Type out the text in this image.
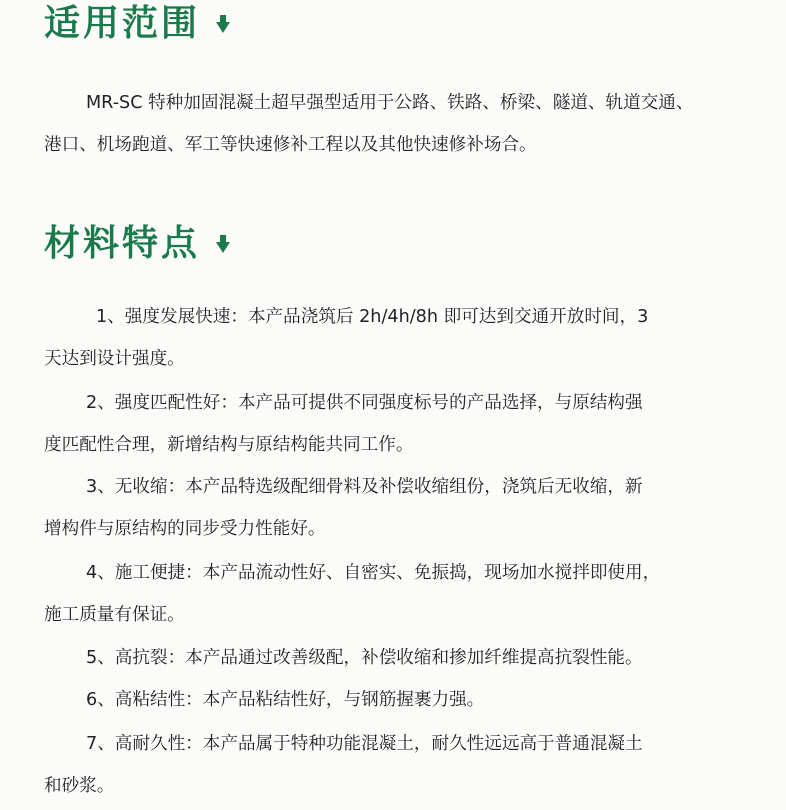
适用范围
MR-SC 特种加固混凝土超早强型适用于公路、铁路、桥梁、隧道、轨道交通、
港口、机场跑道、军工等快速修补工程以及其他快速修补场合。
材料特点
1、强度发展快速：本产品浇筑后 2h/4h/8h 即可达到交通开放时间，3
天达到设计强度。
2、强度匹配性好：本产品可提供不同强度标号的产品选择，与原结构强
度匹配性合理，新增结构与原结构能共同工作。
3、无收缩：本产品特选级配细骨料及补偿收缩组份，浇筑后无收缩，新
增构件与原结构的同步受力性能好。
4、施工便捷：本产品流动性好、自密实、免振捣，现场加水搅拌即使用，
施工质量有保证。
5、高抗裂：本产品通过改善级配，补偿收缩和掺加纤维提高抗裂性能。
6、高粘结性：本产品粘结性好，与钢筋握裹力强。
7、高耐久性：本产品属于特种功能混凝土，耐久性远远高于普通混凝土
和砂浆。
